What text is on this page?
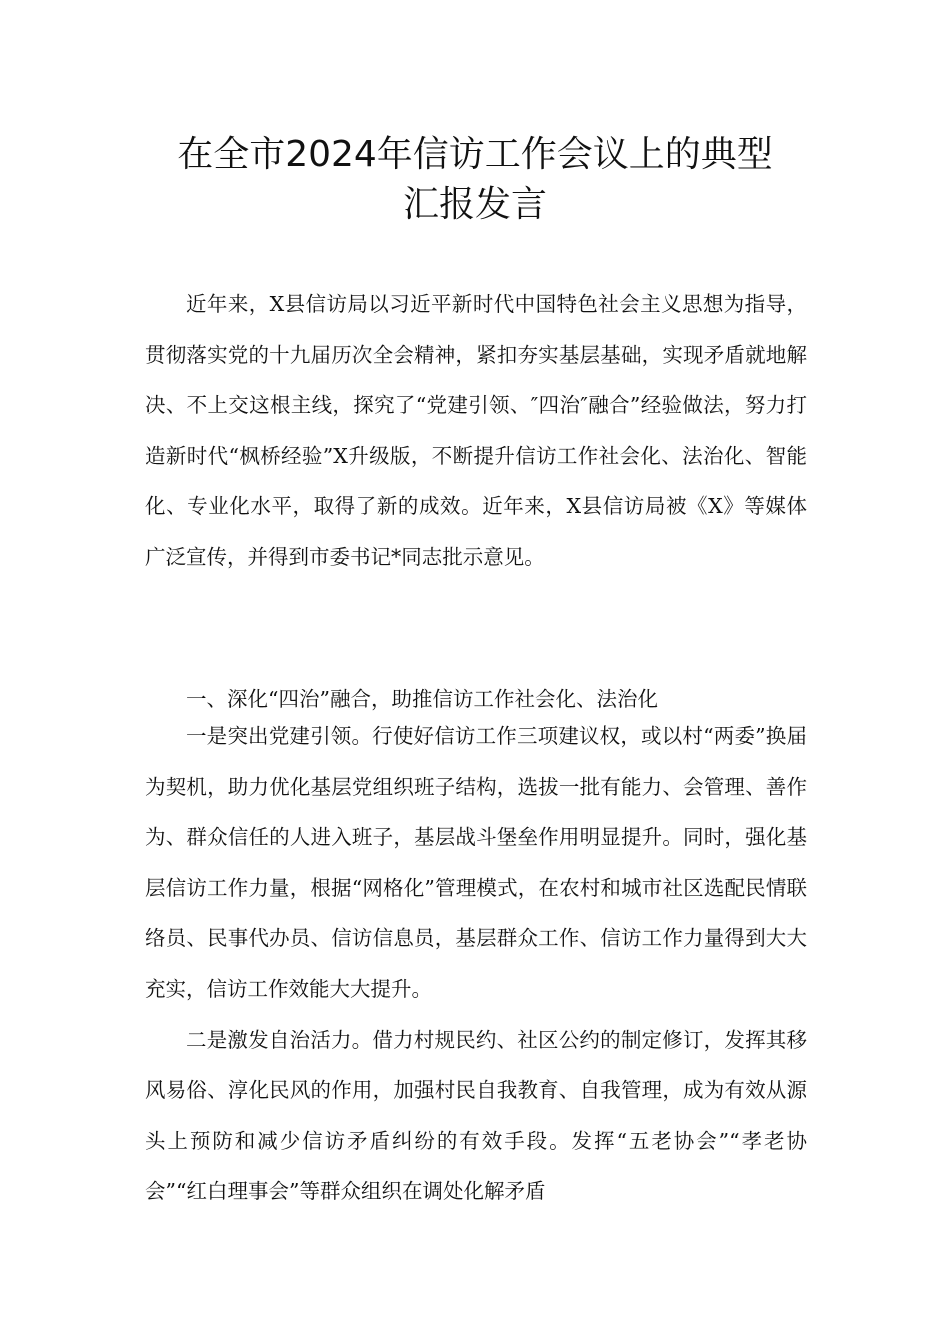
在全市2024年信访工作会议上的典型
汇报发言

近年来，X县信访局以习近平新时代中国特色社会主义思想为指导，贯彻落实党的十九届历次全会精神，紧扣夯实基层基础，实现矛盾就地解决、不上交这根主线，探究了“党建引领、″四治″融合”经验做法，努力打造新时代“枫桥经验”X升级版，不断提升信访工作社会化、法治化、智能化、专业化水平，取得了新的成效。近年来，X县信访局被《X》等媒体广泛宣传，并得到市委书记*同志批示意见。

一、深化“四治”融合，助推信访工作社会化、法治化

一是突出党建引领。行使好信访工作三项建议权，或以村“两委”换届为契机，助力优化基层党组织班子结构，选拔一批有能力、会管理、善作为、群众信任的人进入班子，基层战斗堡垒作用明显提升。同时，强化基层信访工作力量，根据“网格化”管理模式，在农村和城市社区选配民情联络员、民事代办员、信访信息员，基层群众工作、信访工作力量得到大大充实，信访工作效能大大提升。

二是激发自治活力。借力村规民约、社区公约的制定修订，发挥其移风易俗、淳化民风的作用，加强村民自我教育、自我管理，成为有效从源头上预防和减少信访矛盾纠纷的有效手段。发挥“五老协会”“孝老协会”“红白理事会”等群众组织在调处化解矛盾
